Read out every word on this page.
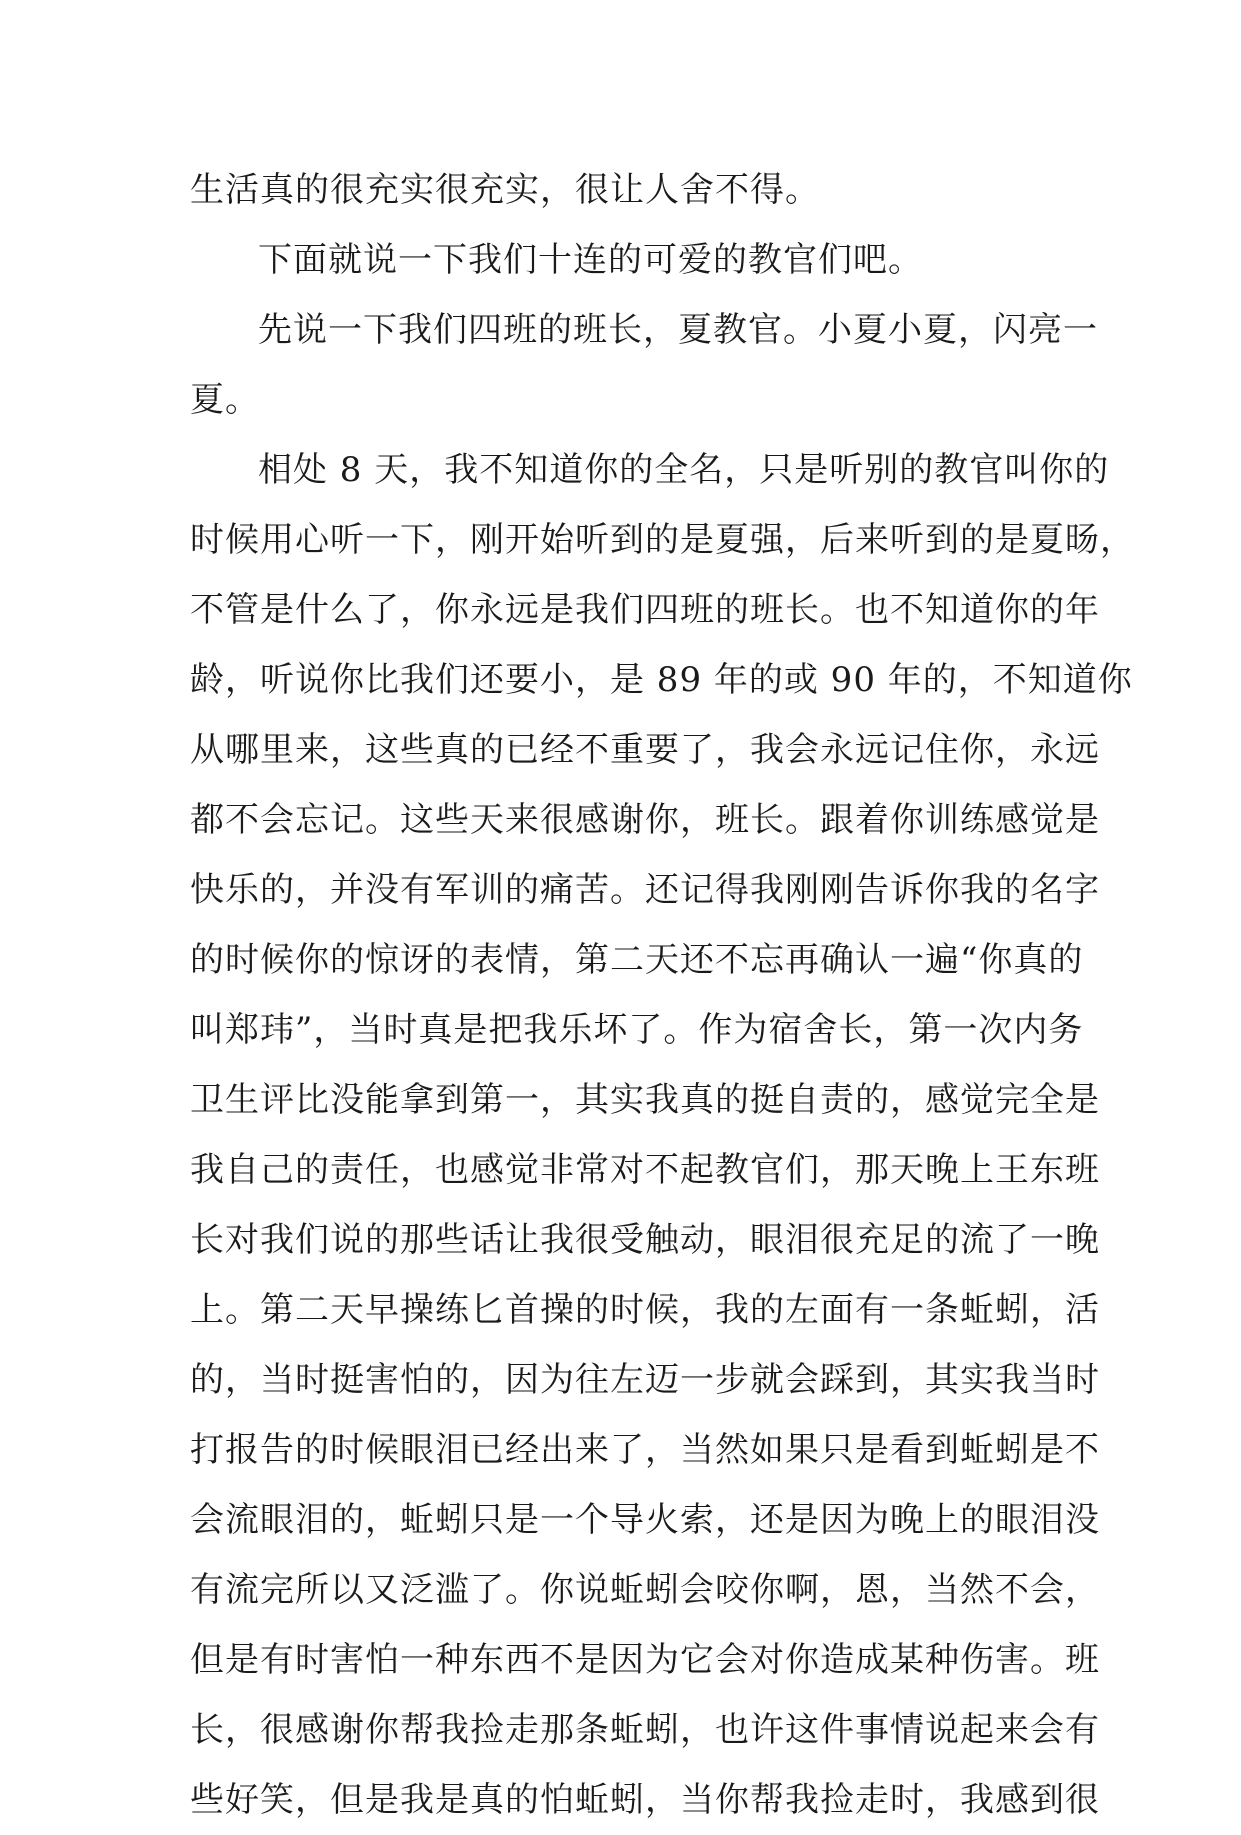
生活真的很充实很充实，很让人舍不得。
下面就说一下我们十连的可爱的教官们吧。
先说一下我们四班的班长，夏教官。小夏小夏，闪亮一
夏。
相处 8 天，我不知道你的全名，只是听别的教官叫你的
时候用心听一下，刚开始听到的是夏强，后来听到的是夏旸，
不管是什么了，你永远是我们四班的班长。也不知道你的年
龄，听说你比我们还要小，是 89 年的或 90 年的，不知道你
从哪里来，这些真的已经不重要了，我会永远记住你，永远
都不会忘记。这些天来很感谢你，班长。跟着你训练感觉是
快乐的，并没有军训的痛苦。还记得我刚刚告诉你我的名字
的时候你的惊讶的表情，第二天还不忘再确认一遍“你真的
叫郑玮”，当时真是把我乐坏了。作为宿舍长，第一次内务
卫生评比没能拿到第一，其实我真的挺自责的，感觉完全是
我自己的责任，也感觉非常对不起教官们，那天晚上王东班
长对我们说的那些话让我很受触动，眼泪很充足的流了一晚
上。第二天早操练匕首操的时候，我的左面有一条蚯蚓，活
的，当时挺害怕的，因为往左迈一步就会踩到，其实我当时
打报告的时候眼泪已经出来了，当然如果只是看到蚯蚓是不
会流眼泪的，蚯蚓只是一个导火索，还是因为晚上的眼泪没
有流完所以又泛滥了。你说蚯蚓会咬你啊，恩，当然不会，
但是有时害怕一种东西不是因为它会对你造成某种伤害。班
长，很感谢你帮我捡走那条蚯蚓，也许这件事情说起来会有
些好笑，但是我是真的怕蚯蚓，当你帮我捡走时，我感到很
